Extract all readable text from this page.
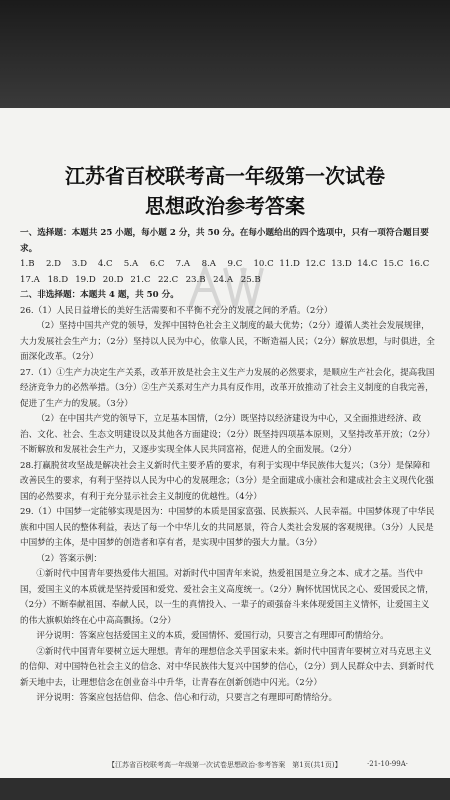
江苏省百校联考高一年级第一次试卷
思想政治参考答案

一、选择题：本题共 25 小题，每小题 2 分，共 50 分。在每小题给出的四个选项中，只有一项符合题目要求。

1.B	2.D	3.D	4.C	5.A	6.C	7.A	8.A	9.C	10.C 11.D 12.C 13.D 14.C 15.C 16.C
17.A 18.D 19.D 20.D 21.C 22.C 23.B 24.A 25.B

二、非选择题：本题共 4 题，共 50 分。

26.（1）人民日益增长的美好生活需要和不平衡不充分的发展之间的矛盾。（2分）

（2）坚持中国共产党的领导，发挥中国特色社会主义制度的最大优势；（2分）遵循人类社会发展规律，大力发展社会生产力；（2分）坚持以人民为中心，依靠人民，不断造福人民；（2分）解放思想，与时俱进，全面深化改革。（2分）

27.（1）①生产力决定生产关系，改革开放是社会主义生产力发展的必然要求，是顺应生产社会化，提高我国经济竞争力的必然举措。（3分）②生产关系对生产力具有反作用，改革开放推动了社会主义制度的自我完善，促进了生产力的发展。（3分）

（2）在中国共产党的领导下，立足基本国情，（2分）既坚持以经济建设为中心，又全面推进经济、政治、文化、社会、生态文明建设以及其他各方面建设；（2分）既坚持四项基本原则，又坚持改革开放；（2分）不断解放和发展社会生产力，又逐步实现全体人民共同富裕，促进人的全面发展。（2分）

28.打赢脱贫攻坚战是解决社会主义新时代主要矛盾的要求，有利于实现中华民族伟大复兴；（3分）是保障和改善民生的要求，有利于坚持以人民为中心的发展理念；（3分）是全面建成小康社会和建成社会主义现代化强国的必然要求，有利于充分显示社会主义制度的优越性。（4分）

29.（1）中国梦一定能够实现是因为：中国梦的本质是国家富强、民族振兴、人民幸福。中国梦体现了中华民族和中国人民的整体利益，表达了每一个中华儿女的共同愿景，符合人类社会发展的客观规律。（3分）人民是中国梦的主体，是中国梦的创造者和享有者，是实现中国梦的强大力量。（3分）

（2）答案示例：

①新时代中国青年要热爱伟大祖国。对新时代中国青年来说，热爱祖国是立身之本、成才之基。当代中国，爱国主义的本质就是坚持爱国和爱党、爱社会主义高度统一。（2分）胸怀忧国忧民之心、爱国爱民之情，（2分）不断奉献祖国、奉献人民，以一生的真情投入、一辈子的顽强奋斗来体现爱国主义情怀，让爱国主义的伟大旗帜始终在心中高高飘扬。（2分）

评分说明：答案应包括爱国主义的本质，爱国情怀、爱国行动，只要言之有理即可酌情给分。

②新时代中国青年要树立远大理想。青年的理想信念关乎国家未来。新时代中国青年要树立对马克思主义的信仰、对中国特色社会主义的信念、对中华民族伟大复兴中国梦的信心，（2分）到人民群众中去、到新时代新天地中去，让理想信念在创业奋斗中升华，让青春在创新创造中闪光。（2分）

评分说明：答案应包括信仰、信念、信心和行动，只要言之有理即可酌情给分。

【江苏省百校联考高一年级第一次试卷思想政治·参考答案　第1页(共1页)】	·21-10-99A·
